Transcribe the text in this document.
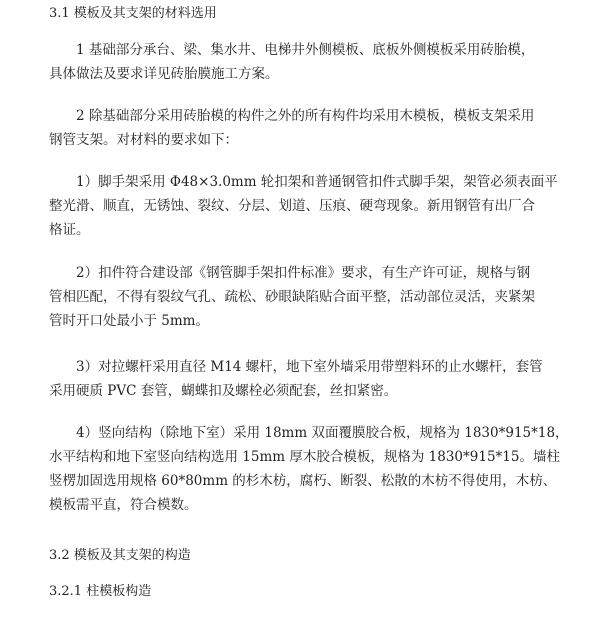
3.1 模板及其支架的材料选用
1 基础部分承台、梁、集水井、电梯井外侧模板、底板外侧模板采用砖胎模，
具体做法及要求详见砖胎膜施工方案。
2 除基础部分采用砖胎模的构件之外的所有构件均采用木模板，模板支架采用
钢管支架。对材料的要求如下：
1）脚手架采用 Φ48×3.0mm 轮扣架和普通钢管扣件式脚手架，架管必须表面平
整光滑、顺直，无锈蚀、裂纹、分层、划道、压痕、硬弯现象。新用钢管有出厂合
格证。
2）扣件符合建设部《钢管脚手架扣件标准》要求，有生产许可证，规格与钢
管相匹配，不得有裂纹气孔、疏松、砂眼缺陷贴合面平整，活动部位灵活，夹紧架
管时开口处最小于 5mm。
3）对拉螺杆采用直径 M14 螺杆，地下室外墙采用带塑料环的止水螺杆，套管
采用硬质 PVC 套管，蝴蝶扣及螺栓必须配套，丝扣紧密。
4）竖向结构（除地下室）采用 18mm 双面覆膜胶合板，规格为 1830*915*18，
水平结构和地下室竖向结构选用 15mm 厚木胶合模板，规格为 1830*915*15。墙柱
竖楞加固选用规格 60*80mm 的杉木枋，腐朽、断裂、松散的木枋不得使用，木枋、
模板需平直，符合模数。
3.2 模板及其支架的构造
3.2.1 柱模板构造
